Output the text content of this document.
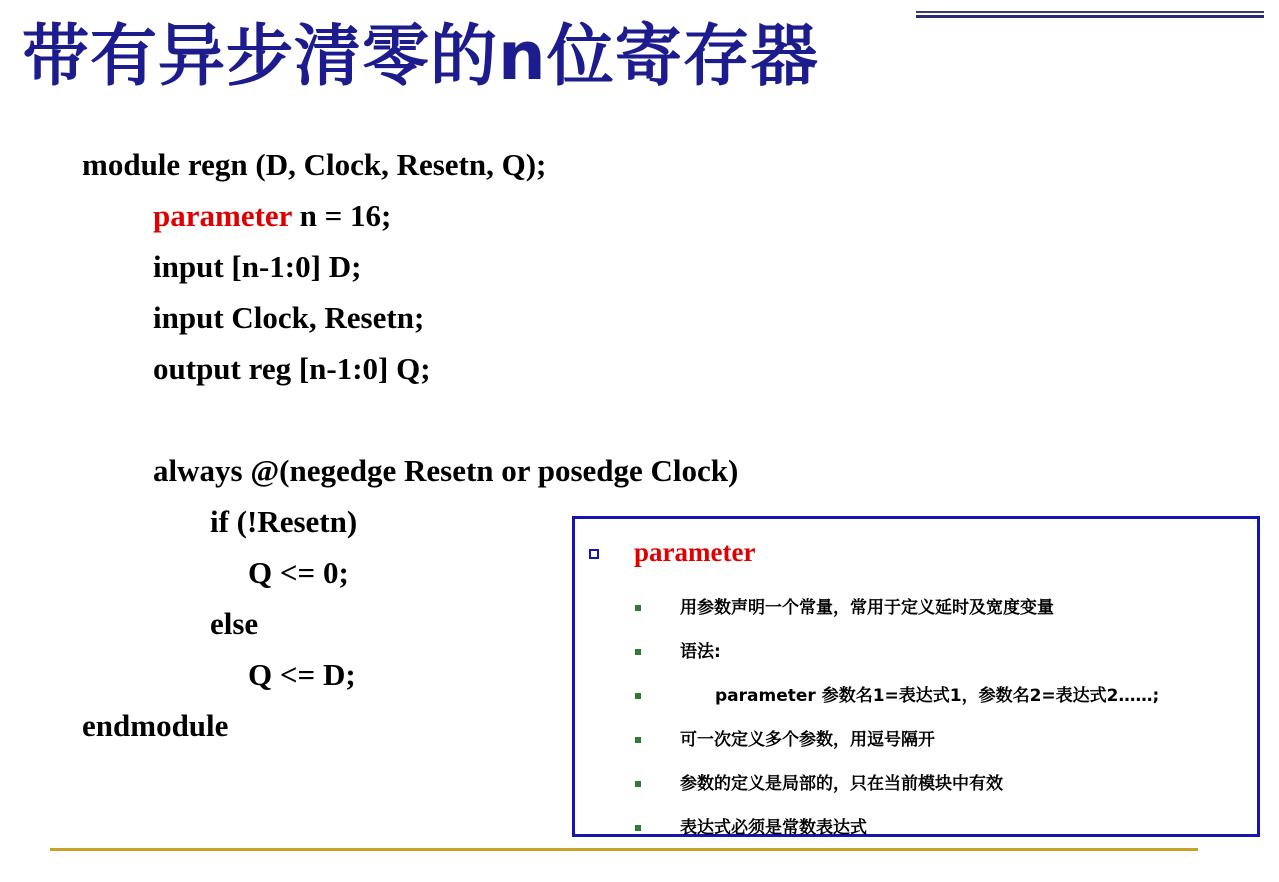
带有异步清零的n位寄存器
module regn (D, Clock, Resetn, Q);
parameter n = 16;
input [n-1:0] D;
input Clock, Resetn;
output reg [n-1:0] Q;
always @(negedge Resetn or posedge Clock)
if (!Resetn)
Q <= 0;
else
Q <= D;
endmodule
parameter
用参数声明一个常量，常用于定义延时及宽度变量
语法:
parameter 参数名1=表达式1，参数名2=表达式2……;
可一次定义多个参数，用逗号隔开
参数的定义是局部的，只在当前模块中有效
表达式必须是常数表达式
